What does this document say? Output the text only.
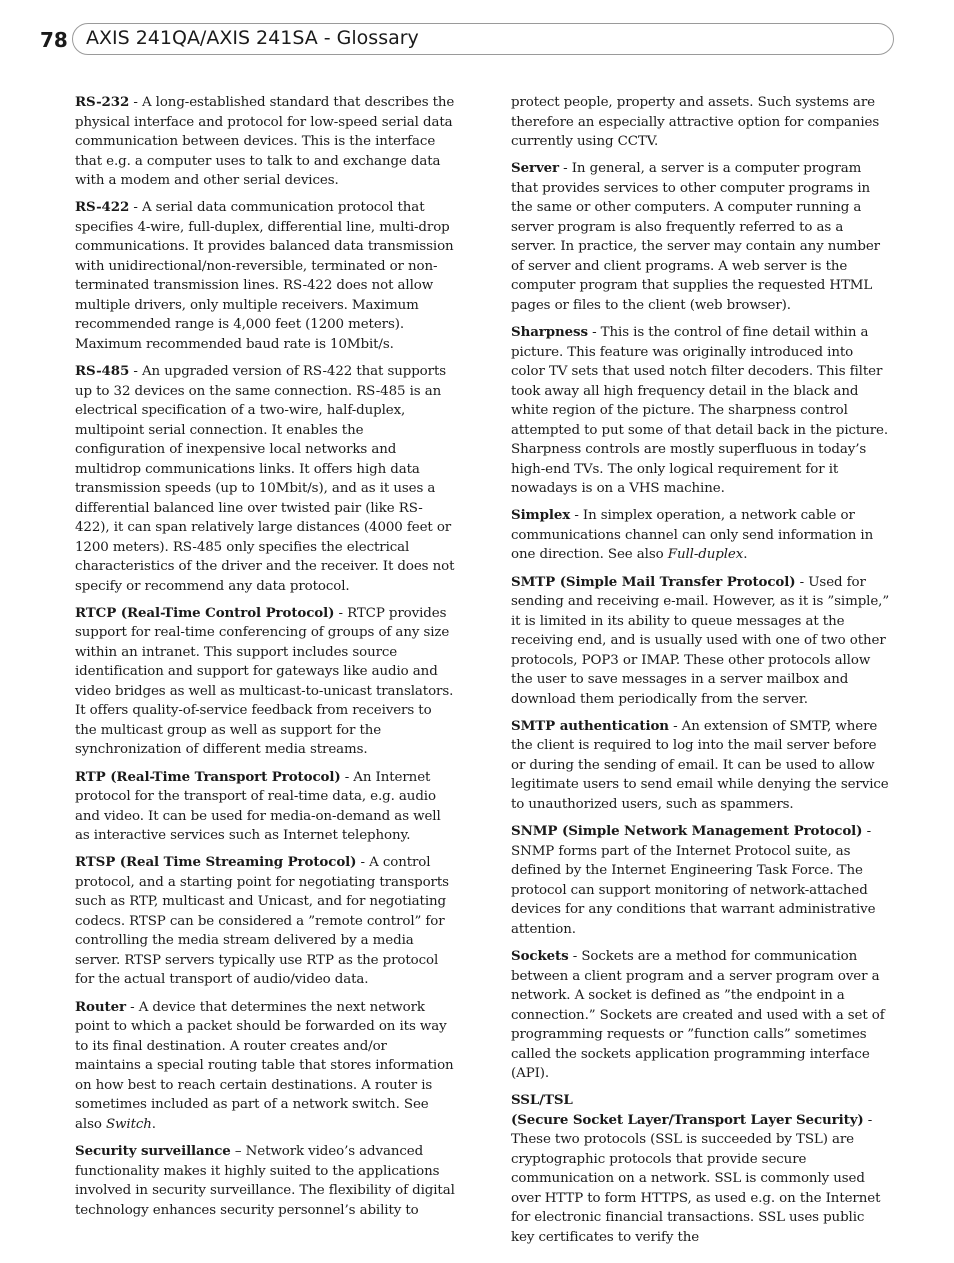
78 AXIS 241QA/AXIS 241SA - Glossary

RS-232 - A long-established standard that describes the physical interface and protocol for low-speed serial data communication between devices. This is the interface that e.g. a computer uses to talk to and exchange data with a modem and other serial devices.

RS-422 - A serial data communication protocol that specifies 4-wire, full-duplex, differential line, multi-drop communications. It provides balanced data transmission with unidirectional/non-reversible, terminated or non-terminated transmission lines. RS-422 does not allow multiple drivers, only multiple receivers. Maximum recommended range is 4,000 feet (1200 meters). Maximum recommended baud rate is 10Mbit/s.

RS-485 - An upgraded version of RS-422 that supports up to 32 devices on the same connection. RS-485 is an electrical specification of a two-wire, half-duplex, multipoint serial connection. It enables the configuration of inexpensive local networks and multidrop communications links. It offers high data transmission speeds (up to 10Mbit/s), and as it uses a differential balanced line over twisted pair (like RS-422), it can span relatively large distances (4000 feet or 1200 meters). RS-485 only specifies the electrical characteristics of the driver and the receiver. It does not specify or recommend any data protocol.

RTCP (Real-Time Control Protocol) - RTCP provides support for real-time conferencing of groups of any size within an intranet. This support includes source identification and support for gateways like audio and video bridges as well as multicast-to-unicast translators. It offers quality-of-service feedback from receivers to the multicast group as well as support for the synchronization of different media streams.

RTP (Real-Time Transport Protocol) - An Internet protocol for the transport of real-time data, e.g. audio and video. It can be used for media-on-demand as well as interactive services such as Internet telephony.

RTSP (Real Time Streaming Protocol) - A control protocol, and a starting point for negotiating transports such as RTP, multicast and Unicast, and for negotiating codecs. RTSP can be considered a ”remote control” for controlling the media stream delivered by a media server. RTSP servers typically use RTP as the protocol for the actual transport of audio/video data.

Router - A device that determines the next network point to which a packet should be forwarded on its way to its final destination. A router creates and/or maintains a special routing table that stores information on how best to reach certain destinations. A router is sometimes included as part of a network switch. See also Switch.

Security surveillance – Network video’s advanced functionality makes it highly suited to the applications involved in security surveillance. The flexibility of digital technology enhances security personnel’s ability to

protect people, property and assets. Such systems are therefore an especially attractive option for companies currently using CCTV.

Server - In general, a server is a computer program that provides services to other computer programs in the same or other computers. A computer running a server program is also frequently referred to as a server. In practice, the server may contain any number of server and client programs. A web server is the computer program that supplies the requested HTML pages or files to the client (web browser).

Sharpness - This is the control of fine detail within a picture. This feature was originally introduced into color TV sets that used notch filter decoders. This filter took away all high frequency detail in the black and white region of the picture. The sharpness control attempted to put some of that detail back in the picture. Sharpness controls are mostly superfluous in today’s high-end TVs. The only logical requirement for it nowadays is on a VHS machine.

Simplex - In simplex operation, a network cable or communications channel can only send information in one direction. See also Full-duplex.

SMTP (Simple Mail Transfer Protocol) - Used for sending and receiving e-mail. However, as it is ”simple,” it is limited in its ability to queue messages at the receiving end, and is usually used with one of two other protocols, POP3 or IMAP. These other protocols allow the user to save messages in a server mailbox and download them periodically from the server.

SMTP authentication - An extension of SMTP, where the client is required to log into the mail server before or during the sending of email. It can be used to allow legitimate users to send email while denying the service to unauthorized users, such as spammers.

SNMP (Simple Network Management Protocol) - SNMP forms part of the Internet Protocol suite, as defined by the Internet Engineering Task Force. The protocol can support monitoring of network-attached devices for any conditions that warrant administrative attention.

Sockets - Sockets are a method for communication between a client program and a server program over a network. A socket is defined as ”the endpoint in a connection.” Sockets are created and used with a set of programming requests or ”function calls” sometimes called the sockets application programming interface (API).

SSL/TSL
(Secure Socket Layer/Transport Layer Security) - These two protocols (SSL is succeeded by TSL) are cryptographic protocols that provide secure communication on a network. SSL is commonly used over HTTP to form HTTPS, as used e.g. on the Internet for electronic financial transactions. SSL uses public key certificates to verify the
